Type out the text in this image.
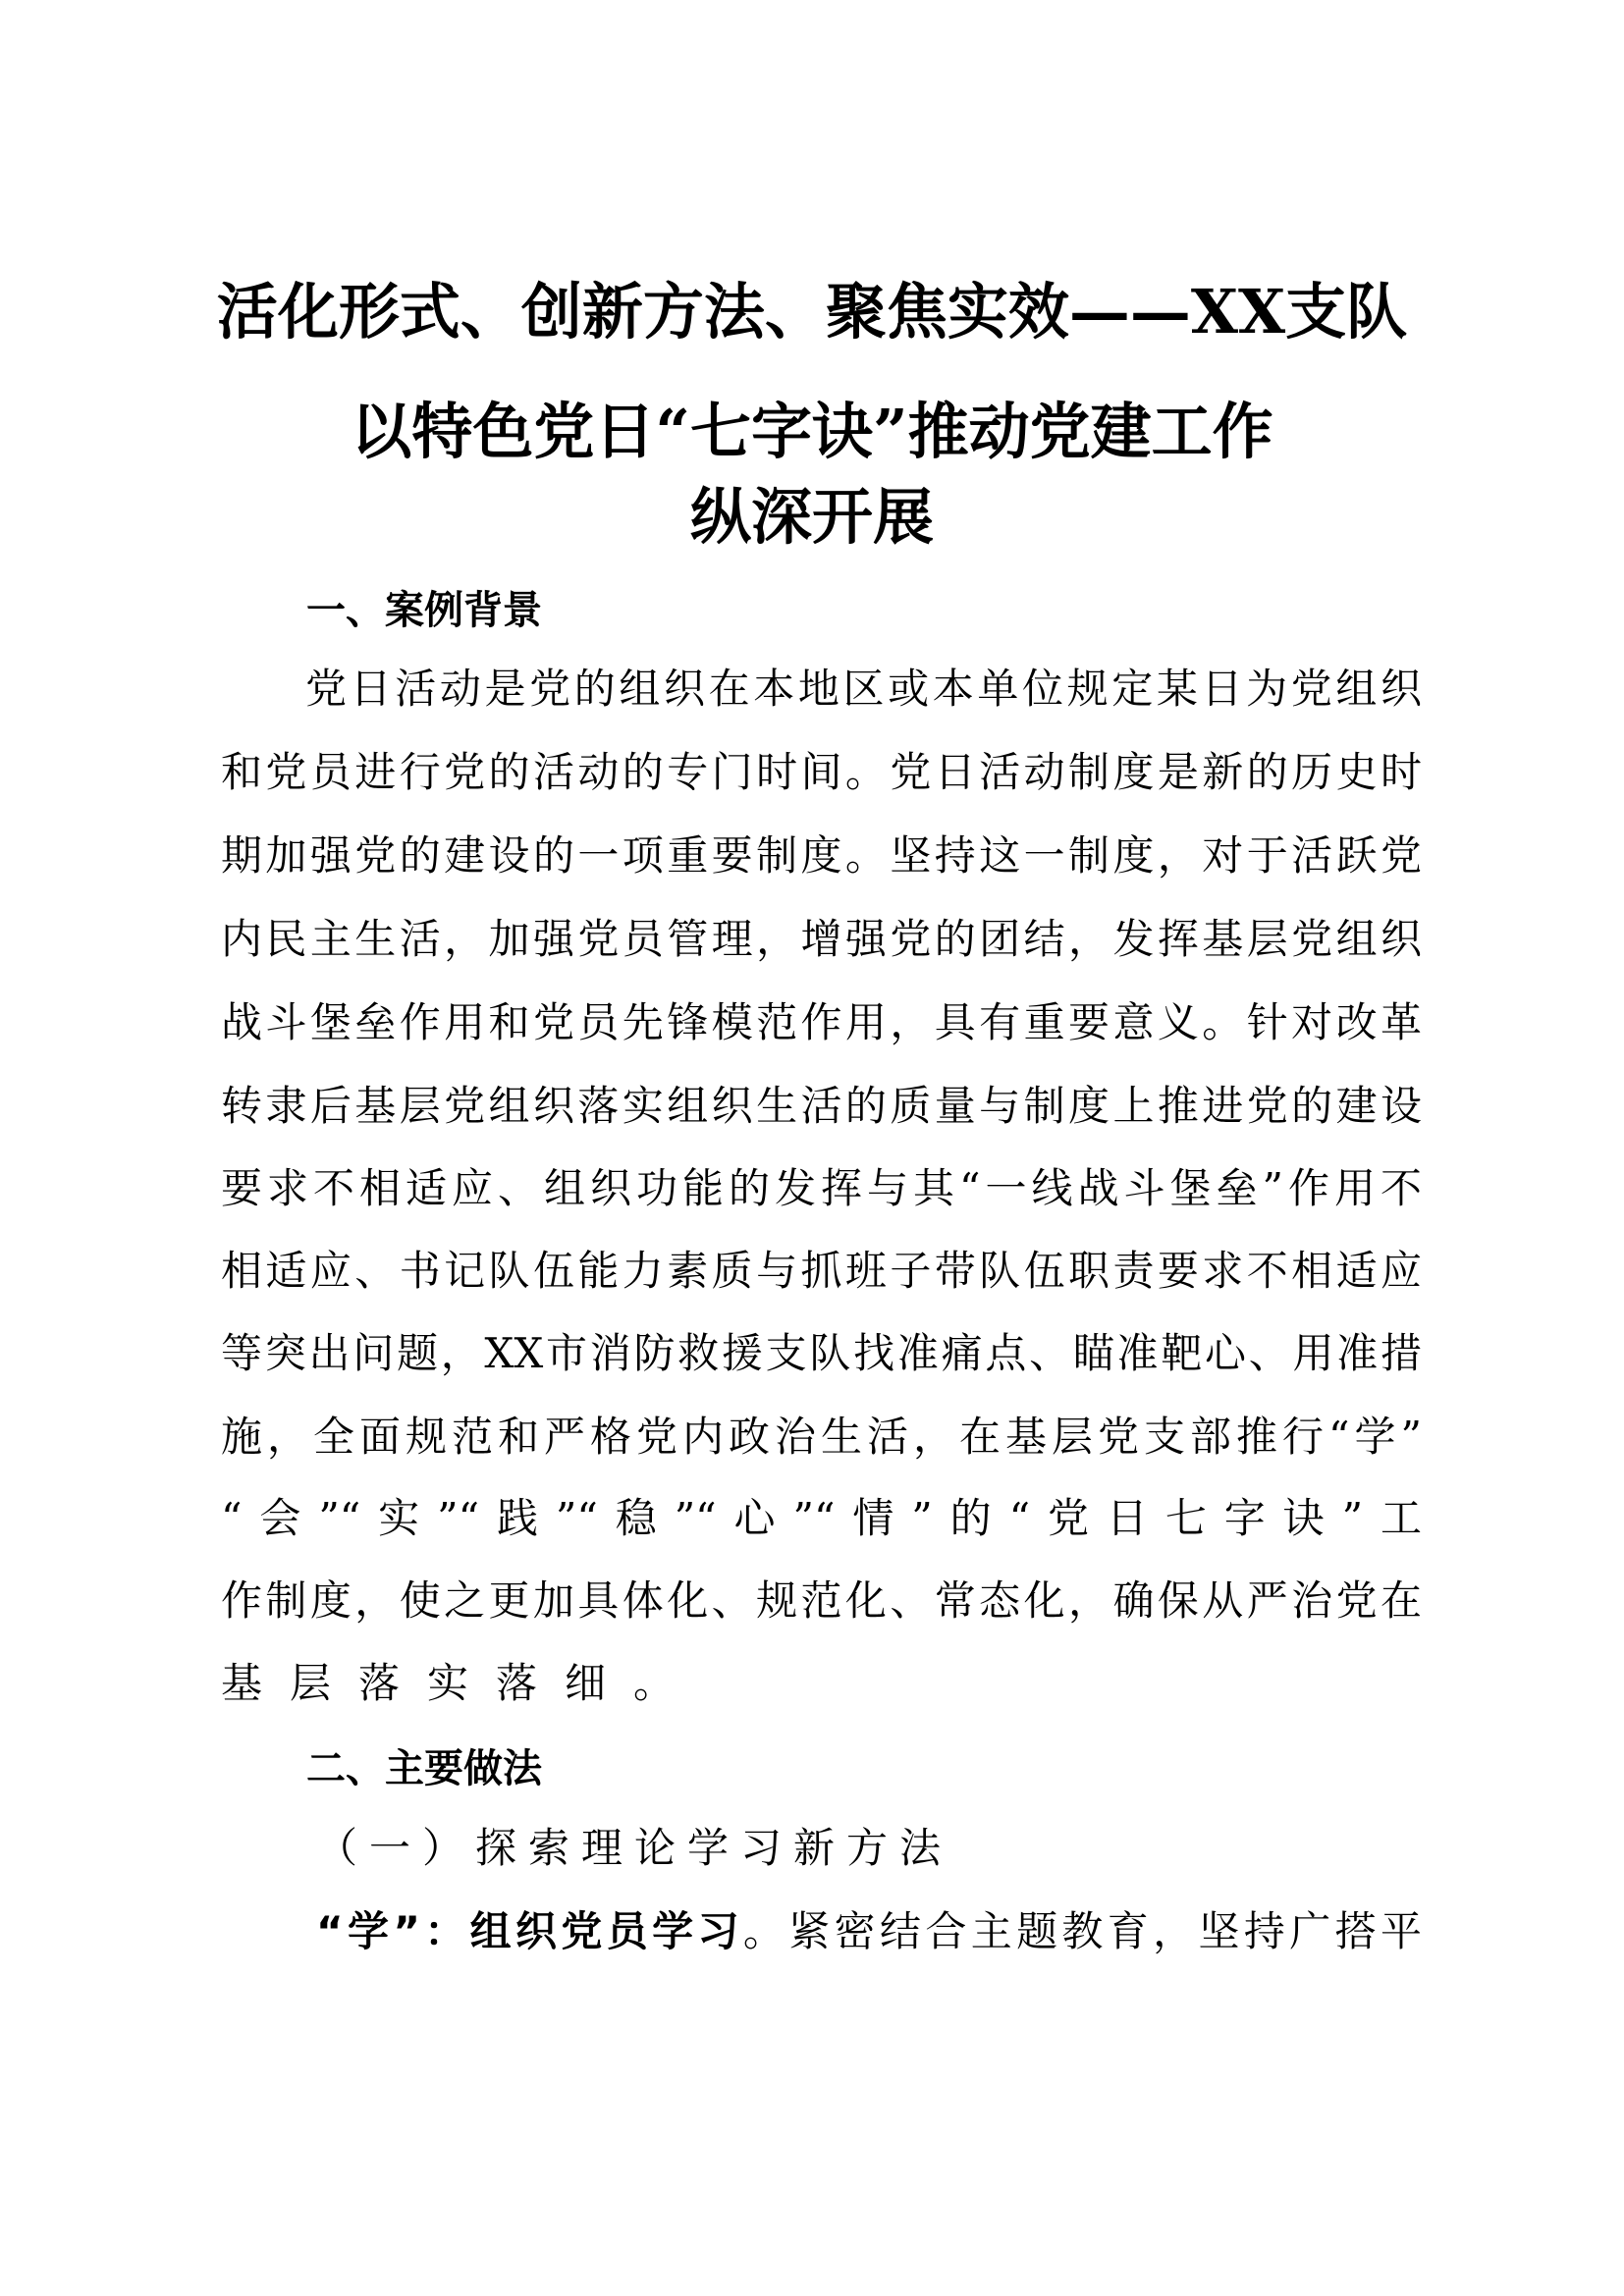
活化形式、创新方法、聚焦实效——XX支队
以特色党日“七字诀”推动党建工作
纵深开展
一、案例背景
党日活动是党的组织在本地区或本单位规定某日为党组织
和党员进行党的活动的专门时间。党日活动制度是新的历史时
期加强党的建设的一项重要制度。坚持这一制度，对于活跃党
内民主生活，加强党员管理，增强党的团结，发挥基层党组织
战斗堡垒作用和党员先锋模范作用，具有重要意义。针对改革
转隶后基层党组织落实组织生活的质量与制度上推进党的建设
要求不相适应、组织功能的发挥与其“一线战斗堡垒”作用不
相适应、书记队伍能力素质与抓班子带队伍职责要求不相适应
等突出问题，XX市消防救援支队找准痛点、瞄准靶心、用准措
施，全面规范和严格党内政治生活，在基层党支部推行“学”
“会”“实”“践”“稳”“心”“情”的“党日七字诀”工
作制度，使之更加具体化、规范化、常态化，确保从严治党在
基层落实落细。
二、主要做法
（一）探索理论学习新方法
“学”：组织党员学习。紧密结合主题教育，坚持广搭平
